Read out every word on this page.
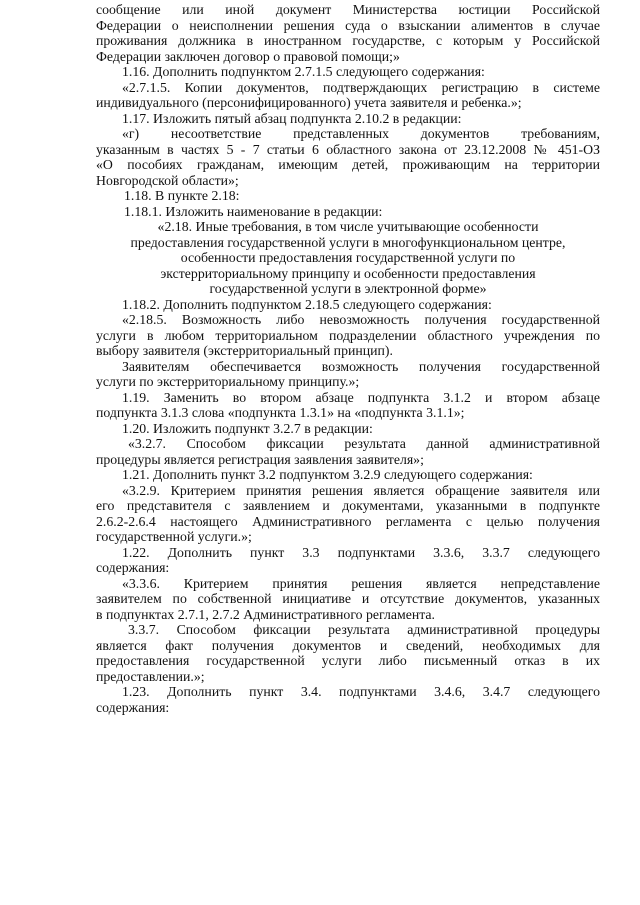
сообщение или иной документ Министерства юстиции Российской
Федерации о неисполнении решения суда о взыскании алиментов в случае
проживания должника в иностранном государстве, с которым у Российской
Федерации заключен договор о правовой помощи;»
1.16. Дополнить подпунктом 2.7.1.5 следующего содержания:
«2.7.1.5. Копии документов, подтверждающих регистрацию в системе
индивидуального (персонифицированного) учета заявителя и ребенка.»;
1.17. Изложить пятый абзац подпункта 2.10.2 в редакции:
«г) несоответствие представленных документов требованиям,
указанным в частях 5 - 7 статьи 6 областного закона от 23.12.2008 № 451-ОЗ
«О пособиях гражданам, имеющим детей, проживающим на территории
Новгородской области»;
1.18. В пункте 2.18:
1.18.1. Изложить наименование в редакции:
«2.18. Иные требования, в том числе учитывающие особенности
предоставления государственной услуги в многофункциональном центре,
особенности предоставления государственной услуги по
экстерриториальному принципу и особенности предоставления
государственной услуги в электронной форме»
1.18.2. Дополнить подпунктом 2.18.5 следующего содержания:
«2.18.5. Возможность либо невозможность получения государственной
услуги в любом территориальном подразделении областного учреждения по
выбору заявителя (экстерриториальный принцип).
Заявителям обеспечивается возможность получения государственной
услуги по экстерриториальному принципу.»;
1.19. Заменить во втором абзаце подпункта 3.1.2 и втором абзаце
подпункта 3.1.3 слова «подпункта 1.3.1» на «подпункта 3.1.1»;
1.20. Изложить подпункт 3.2.7 в редакции:
«3.2.7. Способом фиксации результата данной административной
процедуры является регистрация заявления заявителя»;
1.21. Дополнить пункт 3.2 подпунктом 3.2.9 следующего содержания:
«3.2.9. Критерием принятия решения является обращение заявителя или
его представителя с заявлением и документами, указанными в подпункте
2.6.2-2.6.4 настоящего Административного регламента с целью получения
государственной услуги.»;
1.22. Дополнить пункт 3.3 подпунктами 3.3.6, 3.3.7 следующего
содержания:
«3.3.6. Критерием принятия решения является непредставление
заявителем по собственной инициативе и отсутствие документов, указанных
в подпунктах 2.7.1, 2.7.2 Административного регламента.
3.3.7. Способом фиксации результата административной процедуры
является факт получения документов и сведений, необходимых для
предоставления государственной услуги либо письменный отказ в их
предоставлении.»;
1.23. Дополнить пункт 3.4. подпунктами 3.4.6, 3.4.7 следующего
содержания:
